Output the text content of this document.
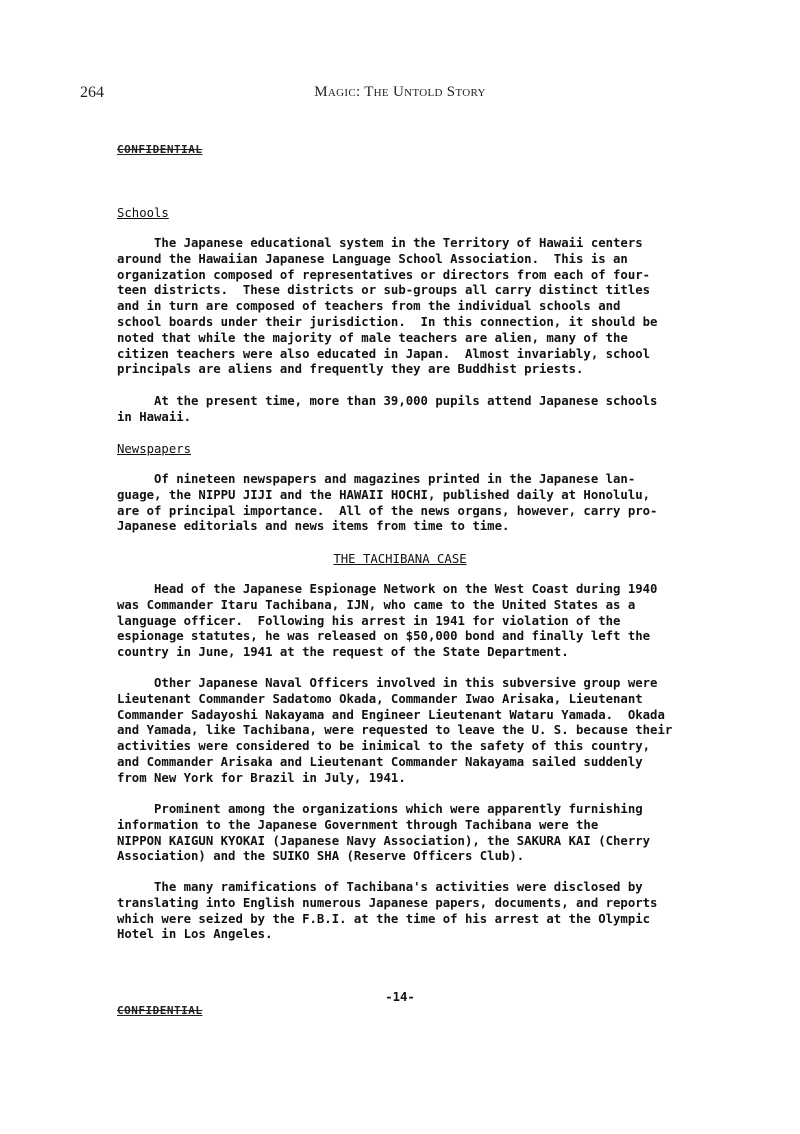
264	Magic: The Untold Story
CONFIDENTIAL
Schools

The Japanese educational system in the Territory of Hawaii centers
around the Hawaiian Japanese Language School Association.  This is an
organization composed of representatives or directors from each of four-
teen districts.  These districts or sub-groups all carry distinct titles
and in turn are composed of teachers from the individual schools and
school boards under their jurisdiction.  In this connection, it should be
noted that while the majority of male teachers are alien, many of the
citizen teachers were also educated in Japan.  Almost invariably, school
principals are aliens and frequently they are Buddhist priests.

At the present time, more than 39,000 pupils attend Japanese schools
in Hawaii.

Newspapers

Of nineteen newspapers and magazines printed in the Japanese lan-
guage, the NIPPU JIJI and the HAWAII HOCHI, published daily at Honolulu,
are of principal importance.  All of the news organs, however, carry pro-
Japanese editorials and news items from time to time.

THE TACHIBANA CASE

Head of the Japanese Espionage Network on the West Coast during 1940
was Commander Itaru Tachibana, IJN, who came to the United States as a
language officer.  Following his arrest in 1941 for violation of the
espionage statutes, he was released on $50,000 bond and finally left the
country in June, 1941 at the request of the State Department.

Other Japanese Naval Officers involved in this subversive group were
Lieutenant Commander Sadatomo Okada, Commander Iwao Arisaka, Lieutenant
Commander Sadayoshi Nakayama and Engineer Lieutenant Wataru Yamada.  Okada
and Yamada, like Tachibana, were requested to leave the U. S. because their
activities were considered to be inimical to the safety of this country,
and Commander Arisaka and Lieutenant Commander Nakayama sailed suddenly
from New York for Brazil in July, 1941.

Prominent among the organizations which were apparently furnishing
information to the Japanese Government through Tachibana were the
NIPPON KAIGUN KYOKAI (Japanese Navy Association), the SAKURA KAI (Cherry
Association) and the SUIKO SHA (Reserve Officers Club).

The many ramifications of Tachibana's activities were disclosed by
translating into English numerous Japanese papers, documents, and reports
which were seized by the F.B.I. at the time of his arrest at the Olympic
Hotel in Los Angeles.

-14-
CONFIDENTIAL
